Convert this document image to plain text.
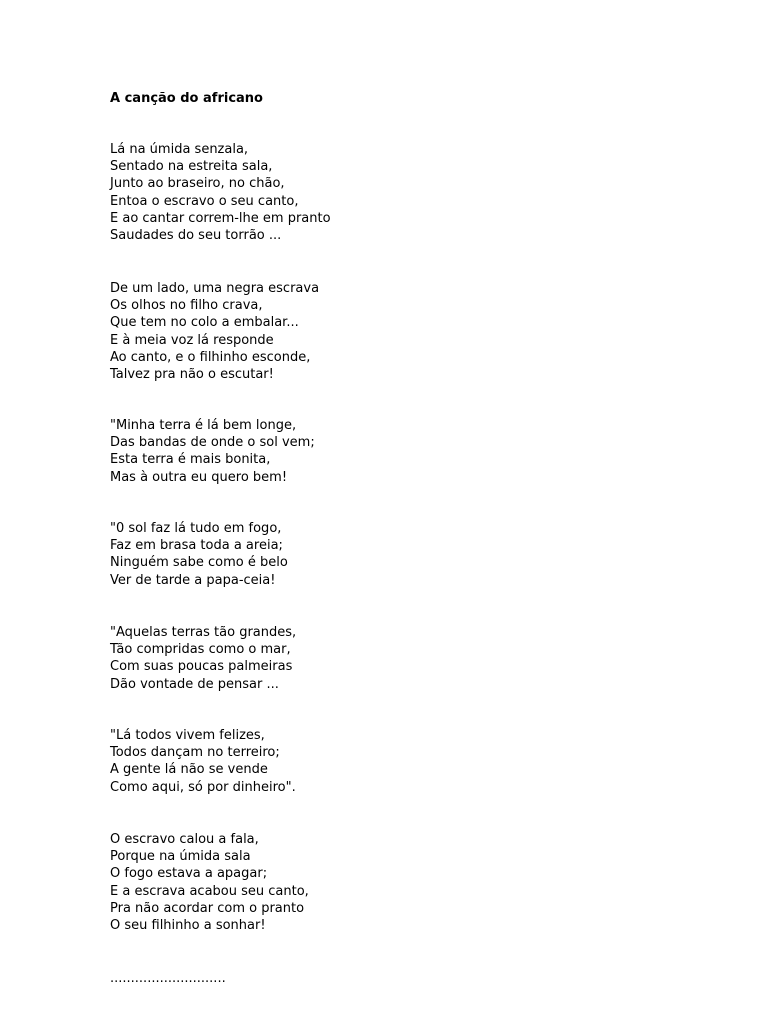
A canção do africano
Lá na úmida senzala,
Sentado na estreita sala,
Junto ao braseiro, no chão,
Entoa o escravo o seu canto,
E ao cantar correm-lhe em pranto
Saudades do seu torrão ...
De um lado, uma negra escrava
Os olhos no filho crava,
Que tem no colo a embalar...
E à meia voz lá responde
Ao canto, e o filhinho esconde,
Talvez pra não o escutar!
"Minha terra é lá bem longe,
Das bandas de onde o sol vem;
Esta terra é mais bonita,
Mas à outra eu quero bem!
"0 sol faz lá tudo em fogo,
Faz em brasa toda a areia;
Ninguém sabe como é belo
Ver de tarde a papa-ceia!
"Aquelas terras tão grandes,
Tão compridas como o mar,
Com suas poucas palmeiras
Dão vontade de pensar ...
"Lá todos vivem felizes,
Todos dançam no terreiro;
A gente lá não se vende
Como aqui, só por dinheiro".
O escravo calou a fala,
Porque na úmida sala
O fogo estava a apagar;
E a escrava acabou seu canto,
Pra não acordar com o pranto
O seu filhinho a sonhar!
............................
